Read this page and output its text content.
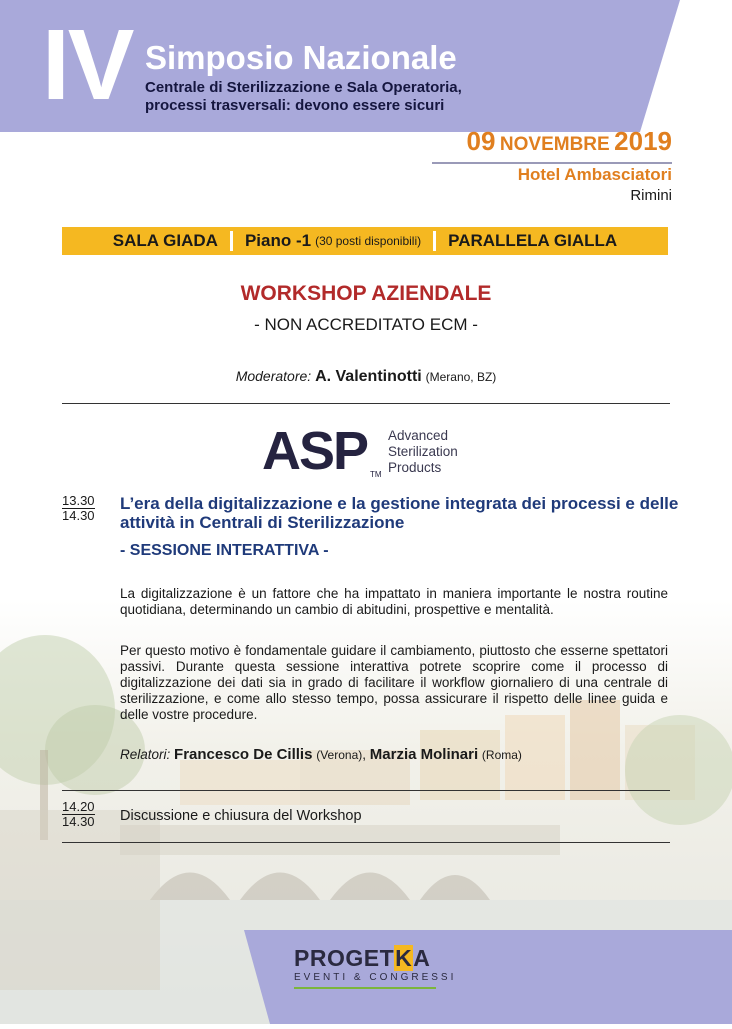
IV Simposio Nazionale
Centrale di Sterilizzazione e Sala Operatoria,
processi trasversali: devono essere sicuri
09 NOVEMBRE 2019
Hotel Ambasciatori
Rimini
SALA GIADA Piano -1 (30 posti disponibili) PARALLELA GIALLA
WORKSHOP AZIENDALE
- NON ACCREDITATO ECM -
Moderatore: A. Valentinotti (Merano, BZ)
ASP TM
Advanced
Sterilization
Products
13.30
14.30
L’era della digitalizzazione e la gestione integrata dei processi e delle attività in Centrali di Sterilizzazione
- SESSIONE INTERATTIVA -
La digitalizzazione è un fattore che ha impattato in maniera importante le nostra routine quotidiana, determinando un cambio di abitudini, prospettive e mentalità.
Per questo motivo è fondamentale guidare il cambiamento, piuttosto che esserne spettatori passivi. Durante questa sessione interattiva potrete scoprire come il processo di digitalizzazione dei dati sia in grado di facilitare il workflow giornaliero di una centrale di sterilizzazione, e come allo stesso tempo, possa assicurare il rispetto delle linee guida e delle vostre procedure.
Relatori: Francesco De Cillis (Verona), Marzia Molinari (Roma)
14.20
14.30 Discussione e chiusura del Workshop
PROGETKA
EVENTI & CONGRESSI
